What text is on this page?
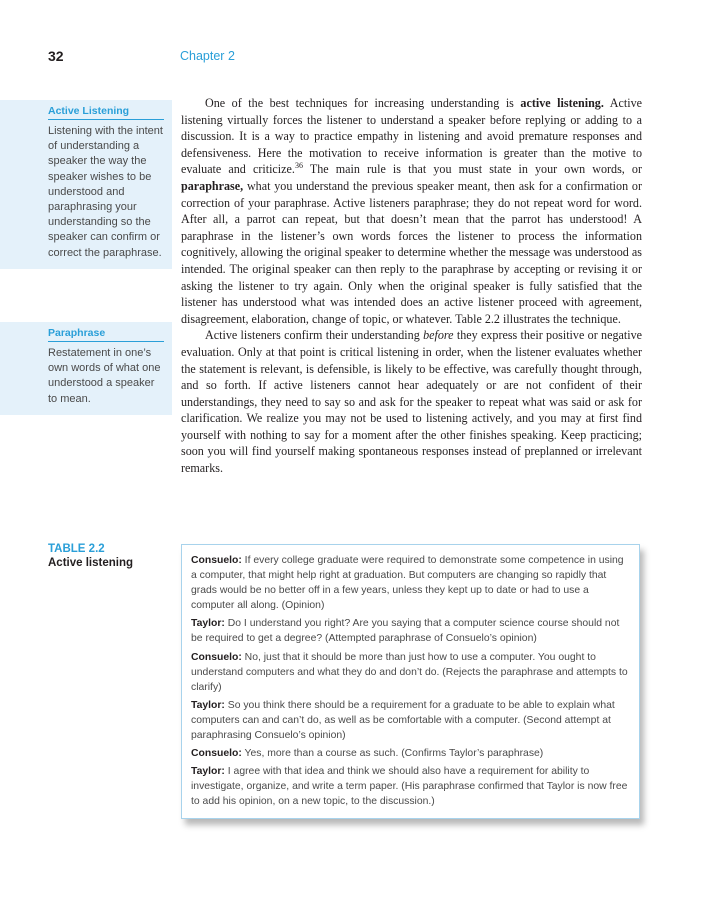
32	Chapter 2
Active Listening
Listening with the intent of understanding a speaker the way the speaker wishes to be understood and paraphrasing your understanding so the speaker can confirm or correct the paraphrase.
Paraphrase
Restatement in one’s own words of what one understood a speaker to mean.

One of the best techniques for increasing understanding is active listening. Active listening virtually forces the listener to understand a speaker before replying or adding to a discussion. It is a way to practice empathy in listening and avoid premature responses and defensiveness. Here the motivation to receive information is greater than the motive to evaluate and criticize.$^{36}$ The main rule is that you must state in your own words, or paraphrase, what you understand the previous speaker meant, then ask for a confirmation or correction of your paraphrase. Active listeners paraphrase; they do not repeat word for word. After all, a parrot can repeat, but that doesn’t mean that the parrot has understood! A paraphrase in the listener’s own words forces the listener to process the information cognitively, allowing the original speaker to determine whether the message was understood as intended. The original speaker can then reply to the paraphrase by accepting or revising it or asking the listener to try again. Only when the original speaker is fully satisfied that the listener has understood what was intended does an active listener proceed with agreement, disagreement, elaboration, change of topic, or whatever. Table 2.2 illustrates the technique.

Active listeners confirm their understanding before they express their positive or negative evaluation. Only at that point is critical listening in order, when the listener evaluates whether the statement is relevant, is defensible, is likely to be effective, was carefully thought through, and so forth. If active listeners cannot hear adequately or are not confident of their understandings, they need to say so and ask for the speaker to repeat what was said or ask for clarification. We realize you may not be used to listening actively, and you may at first find yourself with nothing to say for a moment after the other finishes speaking. Keep practicing; soon you will find yourself making spontaneous responses instead of preplanned or irrelevant remarks.

TABLE 2.2
Active listening	Consuelo: If every college graduate were required to demonstrate some competence in using a computer, that might help right at graduation. But computers are changing so rapidly that grads would be no better off in a few years, unless they kept up to date or had to use a computer all along. (Opinion)

Taylor: Do I understand you right? Are you saying that a computer science course should not be required to get a degree? (Attempted paraphrase of Consuelo’s opinion)

Consuelo: No, just that it should be more than just how to use a computer. You ought to understand computers and what they do and don’t do. (Rejects the paraphrase and attempts to clarify)

Taylor: So you think there should be a requirement for a graduate to be able to explain what computers can and can’t do, as well as be comfortable with a computer. (Second attempt at paraphrasing Consuelo’s opinion)

Consuelo: Yes, more than a course as such. (Confirms Taylor’s paraphrase)

Taylor: I agree with that idea and think we should also have a requirement for ability to investigate, organize, and write a term paper. (His paraphrase confirmed that Taylor is now free to add his opinion, on a new topic, to the discussion.)
